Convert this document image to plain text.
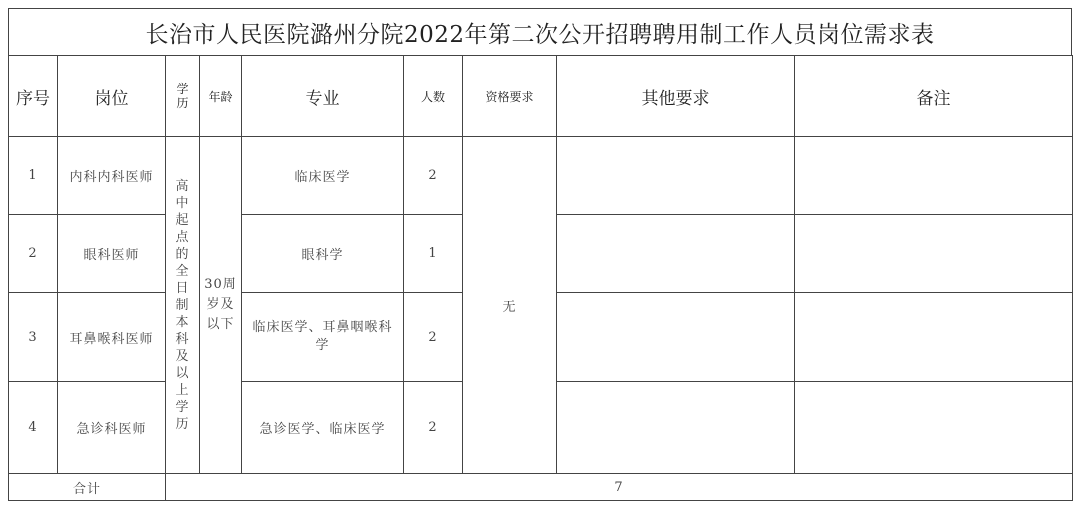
长治市人民医院潞州分院2022年第二次公开招聘聘用制工作人员岗位需求表
序号	岗位	学历	年龄	专业	人数	资格要求	其他要求	备注
1	内科内科医师	高中起点的全日制本科及以上学历	30周岁及以下	临床医学	2	无		
2	眼科医师			眼科学	1			
3	耳鼻喉科医师			临床医学、耳鼻咽喉科学	2			
4	急诊科医师			急诊医学、临床医学	2			
合计		7						
